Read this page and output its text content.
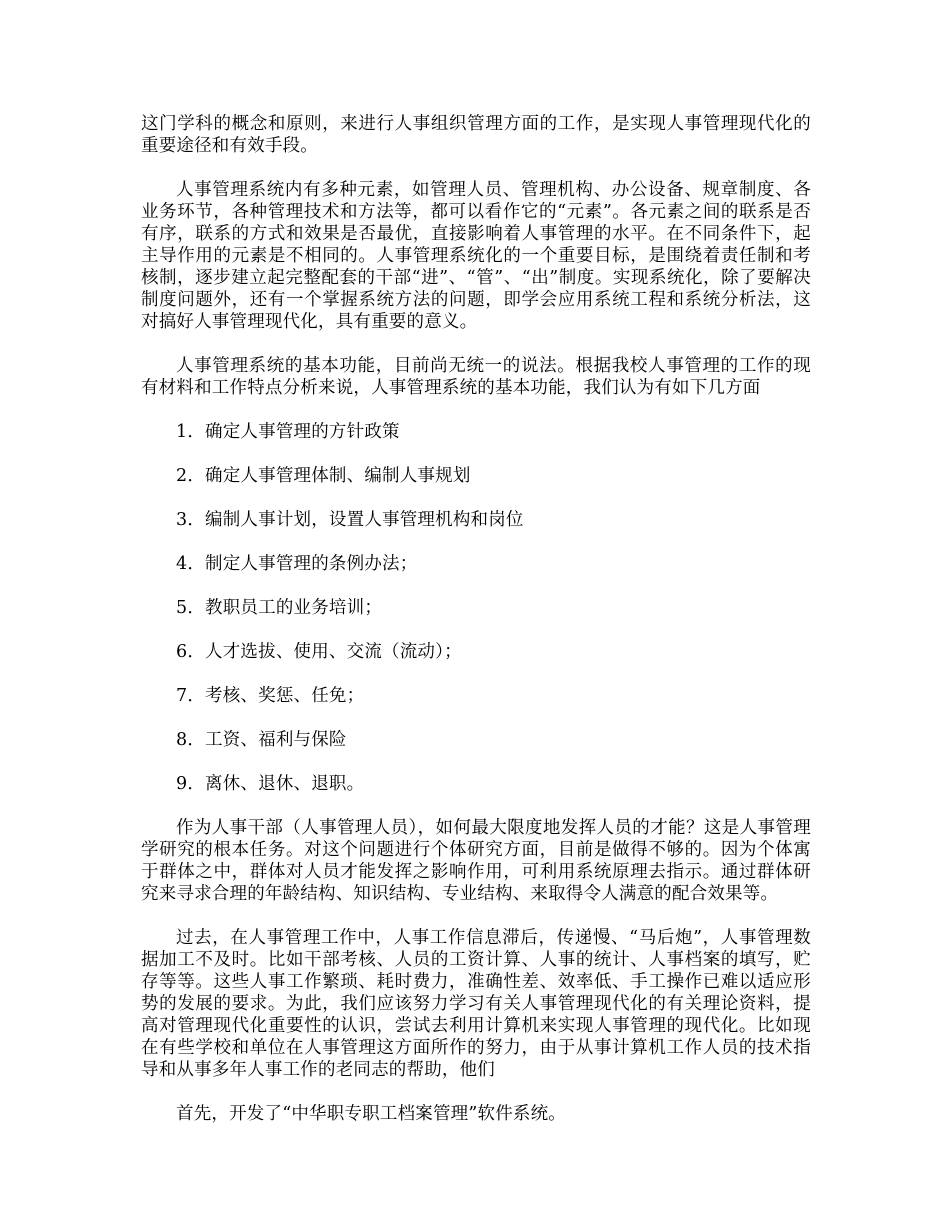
这门学科的概念和原则，来进行人事组织管理方面的工作，是实现人事管理现代化的重要途径和有效手段。

人事管理系统内有多种元素，如管理人员、管理机构、办公设备、规章制度、各业务环节，各种管理技术和方法等，都可以看作它的“元素”。各元素之间的联系是否有序，联系的方式和效果是否最优，直接影响着人事管理的水平。在不同条件下，起主导作用的元素是不相同的。人事管理系统化的一个重要目标，是围绕着责任制和考核制，逐步建立起完整配套的干部“进”、“管”、“出”制度。实现系统化，除了要解决制度问题外，还有一个掌握系统方法的问题，即学会应用系统工程和系统分析法，这对搞好人事管理现代化，具有重要的意义。

人事管理系统的基本功能，目前尚无统一的说法。根据我校人事管理的工作的现有材料和工作特点分析来说，人事管理系统的基本功能，我们认为有如下几方面

1．确定人事管理的方针政策

2．确定人事管理体制、编制人事规划

3．编制人事计划，设置人事管理机构和岗位

4．制定人事管理的条例办法；

5．教职员工的业务培训；

6．人才选拔、使用、交流（流动）；

7．考核、奖惩、任免；

8．工资、福利与保险

9．离休、退休、退职。

作为人事干部（人事管理人员），如何最大限度地发挥人员的才能？这是人事管理学研究的根本任务。对这个问题进行个体研究方面，目前是做得不够的。因为个体寓于群体之中，群体对人员才能发挥之影响作用，可利用系统原理去指示。通过群体研究来寻求合理的年龄结构、知识结构、专业结构、来取得令人满意的配合效果等。

过去，在人事管理工作中，人事工作信息滞后，传递慢、“马后炮”，人事管理数据加工不及时。比如干部考核、人员的工资计算、人事的统计、人事档案的填写，贮存等等。这些人事工作繁琐、耗时费力，准确性差、效率低、手工操作已难以适应形势的发展的要求。为此，我们应该努力学习有关人事管理现代化的有关理论资料，提高对管理现代化重要性的认识，尝试去利用计算机来实现人事管理的现代化。比如现在有些学校和单位在人事管理这方面所作的努力，由于从事计算机工作人员的技术指导和从事多年人事工作的老同志的帮助，他们

首先，开发了“中华职专职工档案管理”软件系统。
